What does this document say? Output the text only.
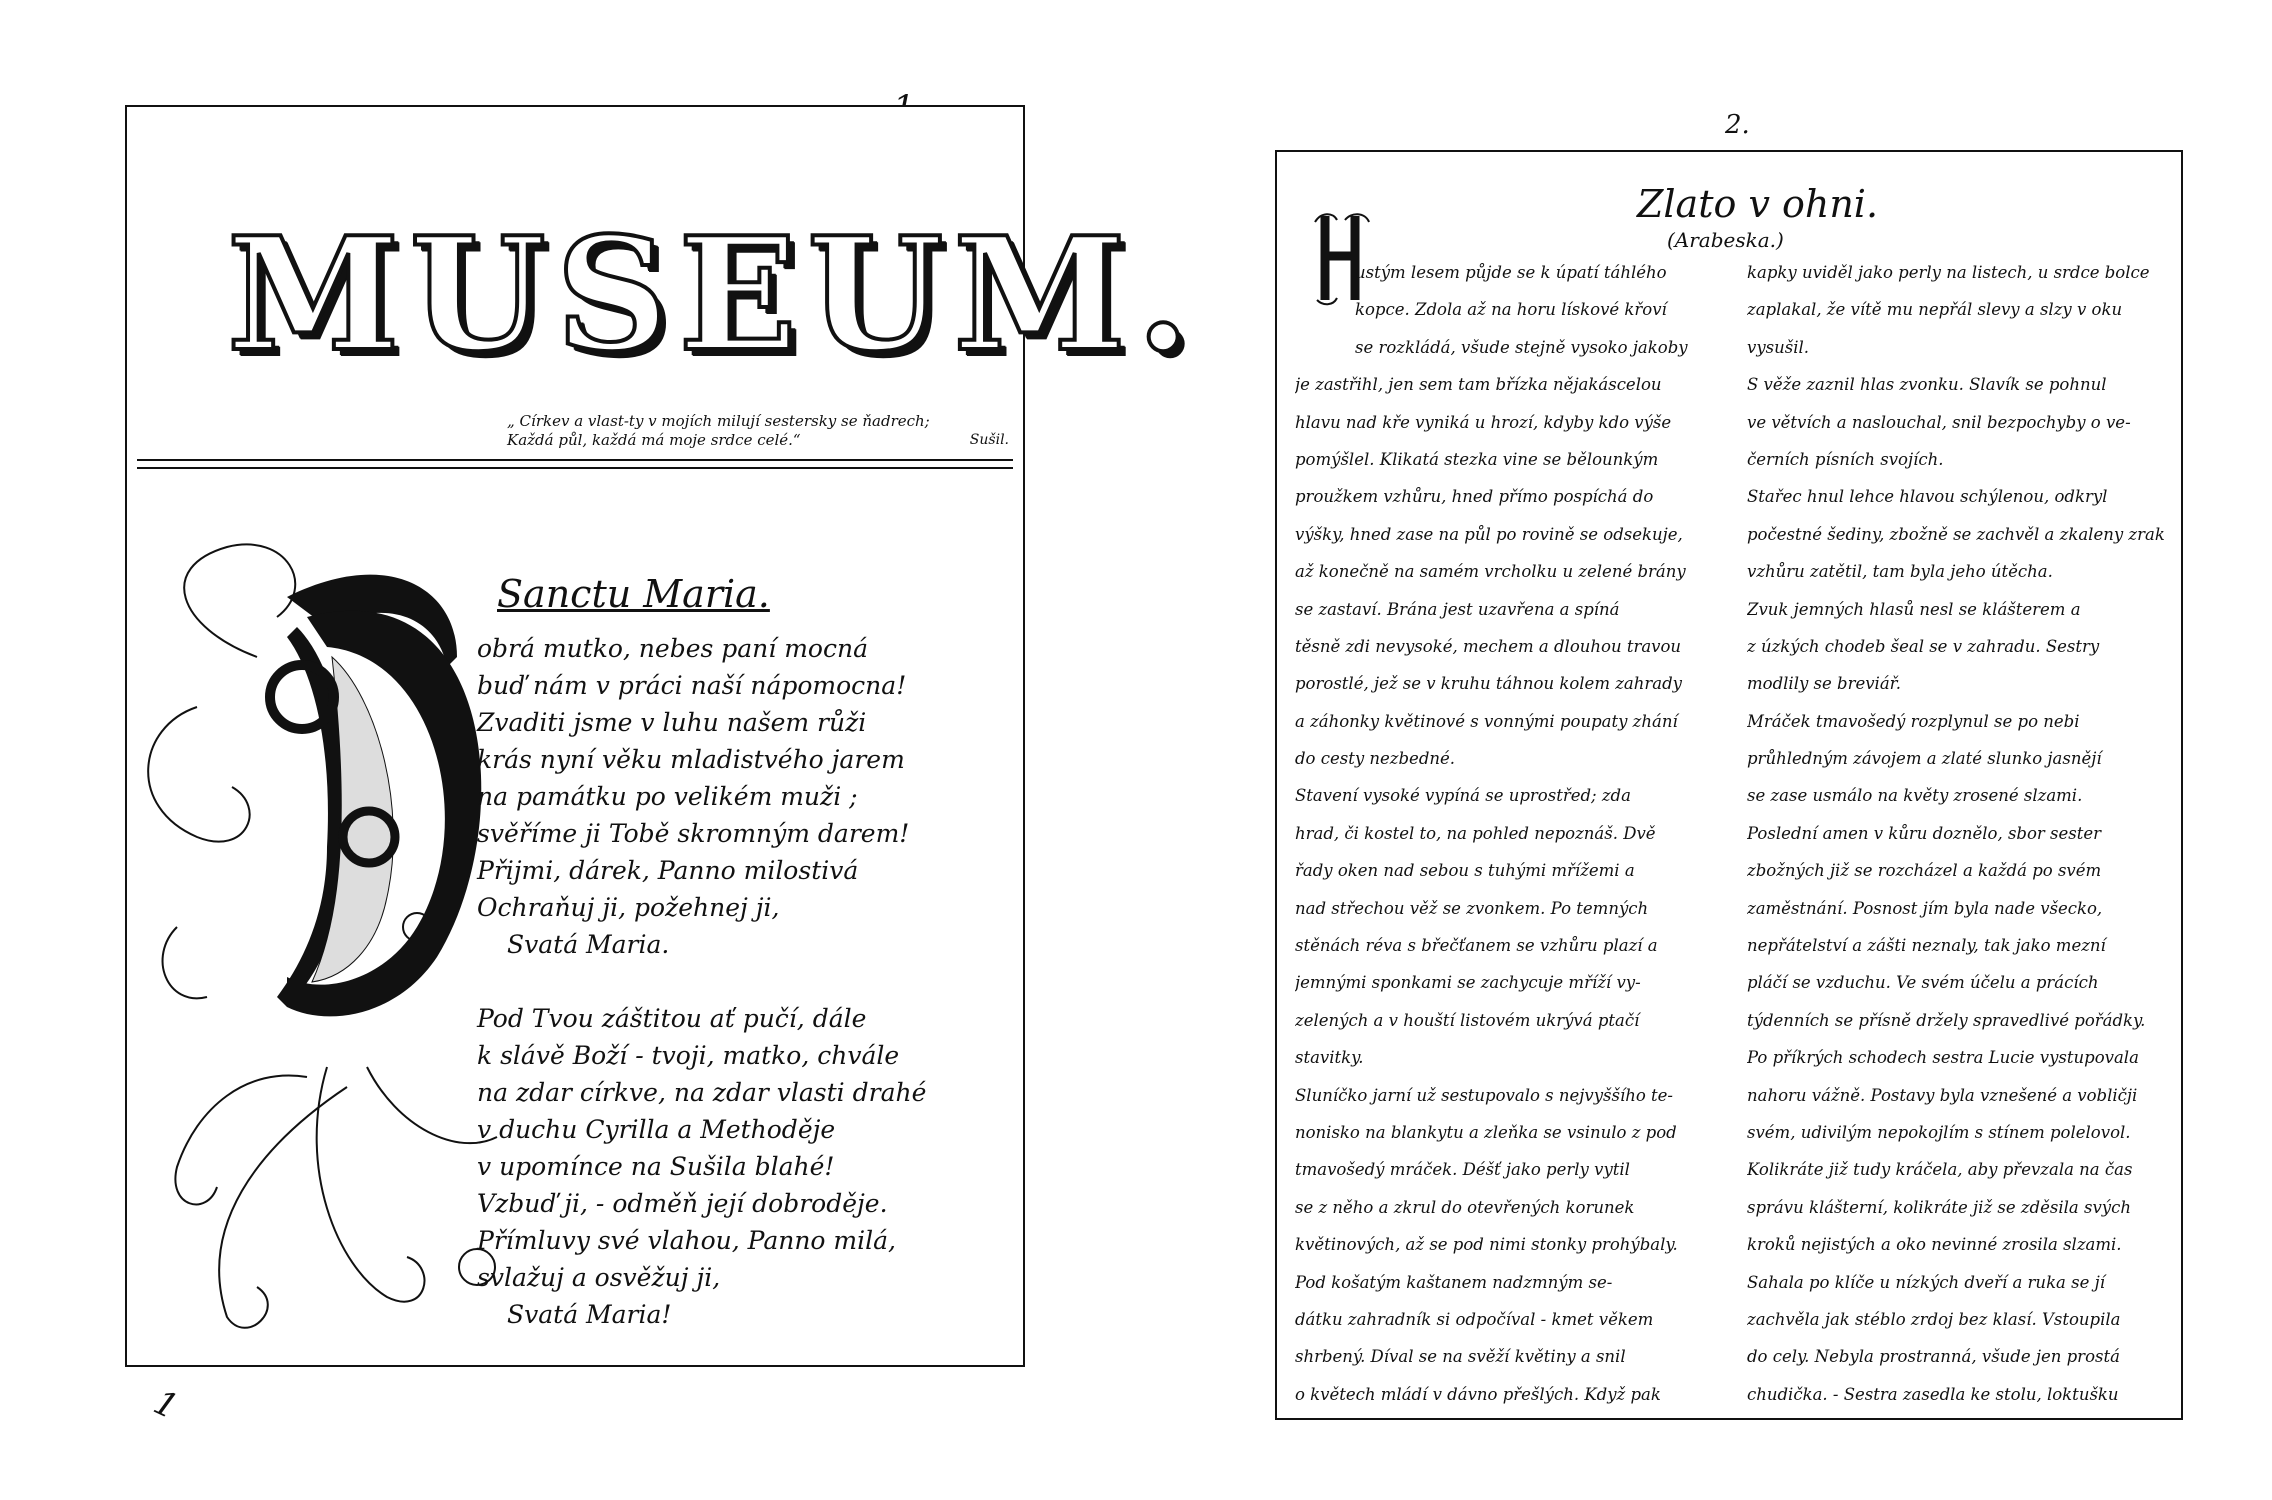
1
MUSEUM.
„ Církev a vlast-ty v mojích milují sestersky se ňadrech;
Každá půl, každá má moje srdce celé.“	Sušil.
Sanctu Maria.
obrá mutko, nebes paní mocná
buď nám v práci naší nápomocna!
Zvaditi jsme v luhu našem růži
krás nyní věku mladistvého jarem
na památku po velikém muži ;
svěříme ji Tobě skromným darem!
Přijmi, dárek, Panno milostivá
Ochraňuj ji, požehnej ji,
Svatá Maria.
Pod Tvou záštitou ať pučí, dále
k slávě Boží - tvoji, matko, chvále
na zdar církve, na zdar vlasti drahé
v duchu Cyrilla a Methoděje
v upomínce na Sušila blahé!
Vzbuď ji, - odměň její dobroděje.
Přímluvy své vlahou, Panno milá,
svlažuj a osvěžuj ji,
Svatá Maria!
2.
Zlato v ohni.
(Arabeska.)
ustým lesem půjde se k úpatí táhlého
kopce. Zdola až na horu lískové křoví
se rozkládá, všude stejně vysoko jakoby
je zastřihl, jen sem tam břízka nějakáscelou
hlavu nad kře vyniká u hrozí, kdyby kdo výše
pomýšlel. Klikatá stezka vine se bělounkým
proužkem vzhůru, hned přímo pospíchá do
výšky, hned zase na půl po rovině se odsekuje,
až konečně na samém vrcholku u zelené brány
se zastaví. Brána jest uzavřena a spíná
těsně zdi nevysoké, mechem a dlouhou travou
porostlé, jež se v kruhu táhnou kolem zahrady
a záhonky květinové s vonnými poupaty zhání
do cesty nezbedné.
Stavení vysoké vypíná se uprostřed; zda
hrad, či kostel to, na pohled nepoznáš. Dvě
řady oken nad sebou s tuhými mřížemi a
nad střechou věž se zvonkem. Po temných
stěnách réva s břečťanem se vzhůru plazí a
jemnými sponkami se zachycuje mříží vy-
zelených a v houští listovém ukrývá ptačí
stavitky.
Sluníčko jarní už sestupovalo s nejvyššího te-
nonisko na blankytu a zleňka se vsinulo z pod
tmavošedý mráček. Déšť jako perly vytil
se z něho a zkrul do otevřených korunek
květinových, až se pod nimi stonky prohýbaly.
Pod košatým kaštanem nadzmným se-
dátku zahradník si odpočíval - kmet věkem
shrbený. Díval se na svěží květiny a snil
o květech mládí v dávno přešlých. Když pak
kapky uviděl jako perly na listech, u srdce bolce
zaplakal, že vítě mu nepřál slevy a slzy v oku
vysušil.
S věže zaznil hlas zvonku. Slavík se pohnul
ve větvích a naslouchal, snil bezpochyby o ve-
černích písních svojích.
Stařec hnul lehce hlavou schýlenou, odkryl
počestné šediny, zbožně se zachvěl a zkaleny zrak
vzhůru zatětil, tam byla jeho útěcha.
Zvuk jemných hlasů nesl se klášterem a
z úzkých chodeb šeal se v zahradu. Sestry
modlily se breviář.
Mráček tmavošedý rozplynul se po nebi
průhledným závojem a zlaté slunko jasnějí
se zase usmálo na květy zrosené slzami.
Poslední amen v kůru doznělo, sbor sester
zbožných již se rozcházel a každá po svém
zaměstnání. Posnost jím byla nade všecko,
nepřátelství a zášti neznaly, tak jako mezní
pláčí se vzduchu. Ve svém účelu a prácích
týdenních se přísně držely spravedlivé pořádky.
Po příkrých schodech sestra Lucie vystupovala
nahoru vážně. Postavy byla vznešené a vobličji
svém, udivilým nepokojlím s stínem polelovol.
Kolikráte již tudy kráčela, aby převzala na čas
správu klášterní, kolikráte již se zděsila svých
kroků nejistých a oko nevinné zrosila slzami.
Sahala po klíče u nízkých dveří a ruka se jí
zachvěla jak stéblo zrdoj bez klasí. Vstoupila
do cely. Nebyla prostranná, všude jen prostá
chudička. - Sestra zasedla ke stolu, loktušku
